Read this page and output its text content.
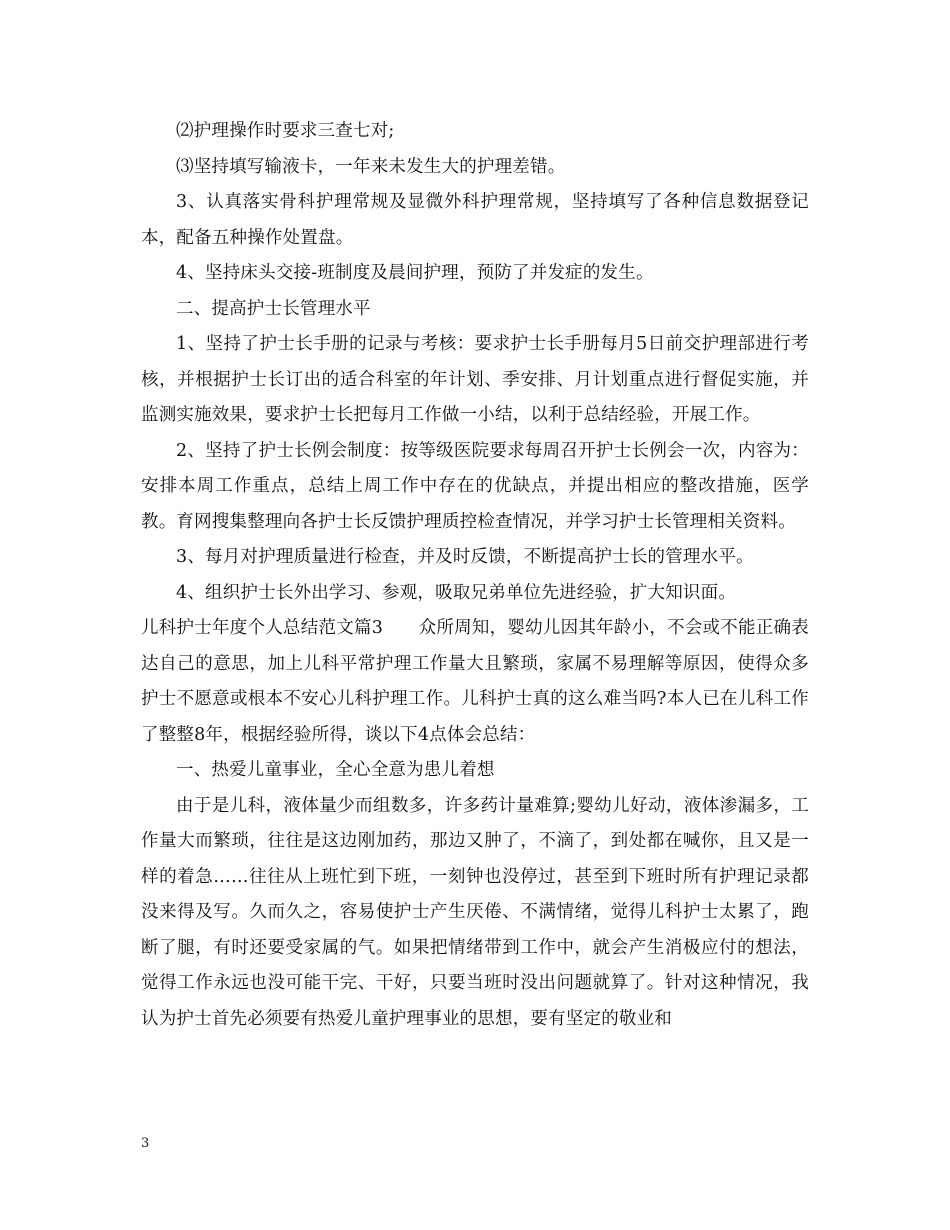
⑵护理操作时要求三查七对;

⑶坚持填写输液卡，一年来未发生大的护理差错。

3、认真落实骨科护理常规及显微外科护理常规，坚持填写了各种信息数据登记本，配备五种操作处置盘。

4、坚持床头交接-班制度及晨间护理，预防了并发症的发生。

二、提高护士长管理水平

1、坚持了护士长手册的记录与考核：要求护士长手册每月5日前交护理部进行考核，并根据护士长订出的适合科室的年计划、季安排、月计划重点进行督促实施，并监测实施效果，要求护士长把每月工作做一小结，以利于总结经验，开展工作。

2、坚持了护士长例会制度：按等级医院要求每周召开护士长例会一次，内容为：安排本周工作重点，总结上周工作中存在的优缺点，并提出相应的整改措施，医学教。育网搜集整理向各护士长反馈护理质控检查情况，并学习护士长管理相关资料。

3、每月对护理质量进行检查，并及时反馈，不断提高护士长的管理水平。

4、组织护士长外出学习、参观，吸取兄弟单位先进经验，扩大知识面。

儿科护士年度个人总结范文篇3　　众所周知，婴幼儿因其年龄小，不会或不能正确表达自己的意思，加上儿科平常护理工作量大且繁琐，家属不易理解等原因，使得众多护士不愿意或根本不安心儿科护理工作。儿科护士真的这么难当吗?本人已在儿科工作了整整8年，根据经验所得，谈以下4点体会总结：

一、热爱儿童事业，全心全意为患儿着想

由于是儿科，液体量少而组数多，许多药计量难算;婴幼儿好动，液体渗漏多，工作量大而繁琐，往往是这边刚加药，那边又肿了，不滴了，到处都在喊你，且又是一样的着急……往往从上班忙到下班，一刻钟也没停过，甚至到下班时所有护理记录都没来得及写。久而久之，容易使护士产生厌倦、不满情绪，觉得儿科护士太累了，跑断了腿，有时还要受家属的气。如果把情绪带到工作中，就会产生消极应付的想法，觉得工作永远也没可能干完、干好，只要当班时没出问题就算了。针对这种情况，我认为护士首先必须要有热爱儿童护理事业的思想，要有坚定的敬业和

3
